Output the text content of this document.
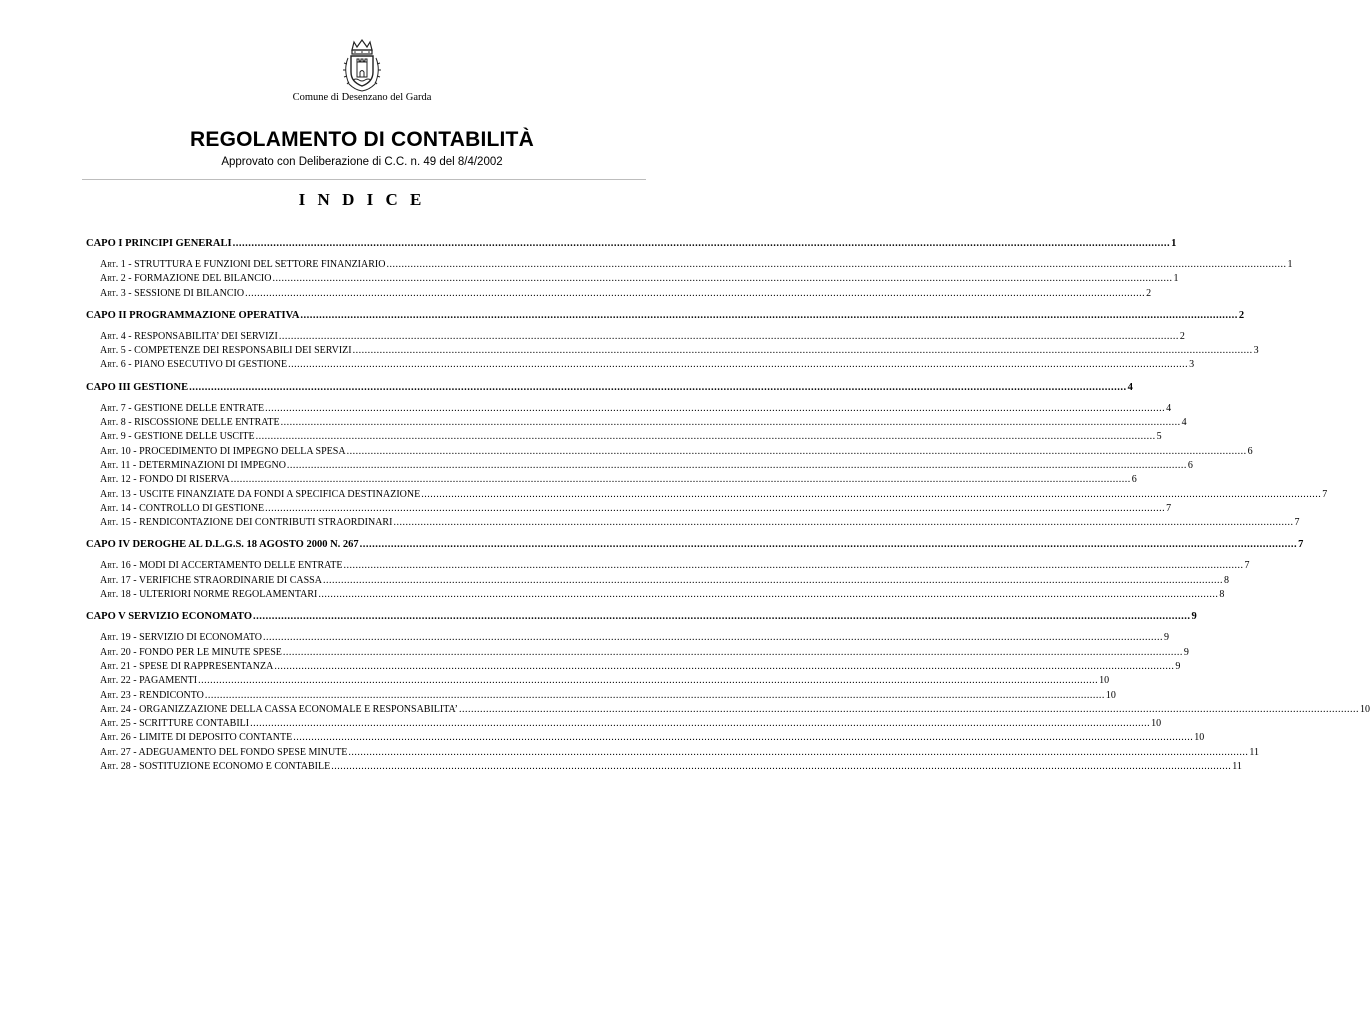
Comune di Desenzano del Garda
REGOLAMENTO DI CONTABILITÀ
Approvato con Deliberazione di C.C. n. 49 del 8/4/2002
I N D I C E
CAPO I PRINCIPI GENERALI ............................................................................................................................................................................................................................................................................................................ 1
Art. 1 - STRUTTURA E FUNZIONI DEL SETTORE FINANZIARIO ............................................................................................................................................................................................................................................................................................................ 1
Art. 2 - FORMAZIONE DEL BILANCIO ............................................................................................................................................................................................................................................................................................................ 1
Art. 3 - SESSIONE DI BILANCIO ............................................................................................................................................................................................................................................................................................................ 2
CAPO II PROGRAMMAZIONE OPERATIVA ............................................................................................................................................................................................................................................................................................................ 2
Art. 4 - RESPONSABILITA’ DEI SERVIZI ............................................................................................................................................................................................................................................................................................................ 2
Art. 5 - COMPETENZE DEI RESPONSABILI DEI SERVIZI ............................................................................................................................................................................................................................................................................................................ 3
Art. 6 - PIANO ESECUTIVO DI GESTIONE ............................................................................................................................................................................................................................................................................................................ 3
CAPO III GESTIONE ............................................................................................................................................................................................................................................................................................................ 4
Art. 7 - GESTIONE DELLE ENTRATE ............................................................................................................................................................................................................................................................................................................ 4
Art. 8 - RISCOSSIONE DELLE ENTRATE ............................................................................................................................................................................................................................................................................................................ 4
Art. 9 - GESTIONE DELLE USCITE ............................................................................................................................................................................................................................................................................................................ 5
Art. 10 - PROCEDIMENTO DI IMPEGNO DELLA SPESA ............................................................................................................................................................................................................................................................................................................ 6
Art. 11 - DETERMINAZIONI DI IMPEGNO ............................................................................................................................................................................................................................................................................................................ 6
Art. 12 - FONDO DI RISERVA ............................................................................................................................................................................................................................................................................................................ 6
Art. 13 - USCITE FINANZIATE DA FONDI A SPECIFICA DESTINAZIONE ............................................................................................................................................................................................................................................................................................................ 7
Art. 14 - CONTROLLO DI GESTIONE ............................................................................................................................................................................................................................................................................................................ 7
Art. 15 - RENDICONTAZIONE DEI CONTRIBUTI STRAORDINARI ............................................................................................................................................................................................................................................................................................................ 7
CAPO IV DEROGHE AL D.L.G.S. 18 AGOSTO 2000 N. 267 ............................................................................................................................................................................................................................................................................................................ 7
Art. 16 - MODI DI ACCERTAMENTO DELLE ENTRATE ............................................................................................................................................................................................................................................................................................................ 7
Art. 17 - VERIFICHE STRAORDINARIE DI CASSA ............................................................................................................................................................................................................................................................................................................ 8
Art. 18 - ULTERIORI NORME REGOLAMENTARI ............................................................................................................................................................................................................................................................................................................ 8
CAPO V SERVIZIO ECONOMATO ............................................................................................................................................................................................................................................................................................................ 9
Art. 19 - SERVIZIO DI ECONOMATO ............................................................................................................................................................................................................................................................................................................ 9
Art. 20 - FONDO PER LE MINUTE SPESE ............................................................................................................................................................................................................................................................................................................ 9
Art. 21 - SPESE DI RAPPRESENTANZA ............................................................................................................................................................................................................................................................................................................ 9
Art. 22 - PAGAMENTI ............................................................................................................................................................................................................................................................................................................ 10
Art. 23 - RENDICONTO ............................................................................................................................................................................................................................................................................................................ 10
Art. 24 - ORGANIZZAZIONE DELLA CASSA ECONOMALE E RESPONSABILITA’ ............................................................................................................................................................................................................................................................................................................ 10
Art. 25 - SCRITTURE CONTABILI ............................................................................................................................................................................................................................................................................................................ 10
Art. 26 - LIMITE DI DEPOSITO CONTANTE ............................................................................................................................................................................................................................................................................................................ 10
Art. 27 - ADEGUAMENTO DEL FONDO SPESE MINUTE ............................................................................................................................................................................................................................................................................................................ 11
Art. 28 - SOSTITUZIONE ECONOMO E CONTABILE ............................................................................................................................................................................................................................................................................................................ 11
